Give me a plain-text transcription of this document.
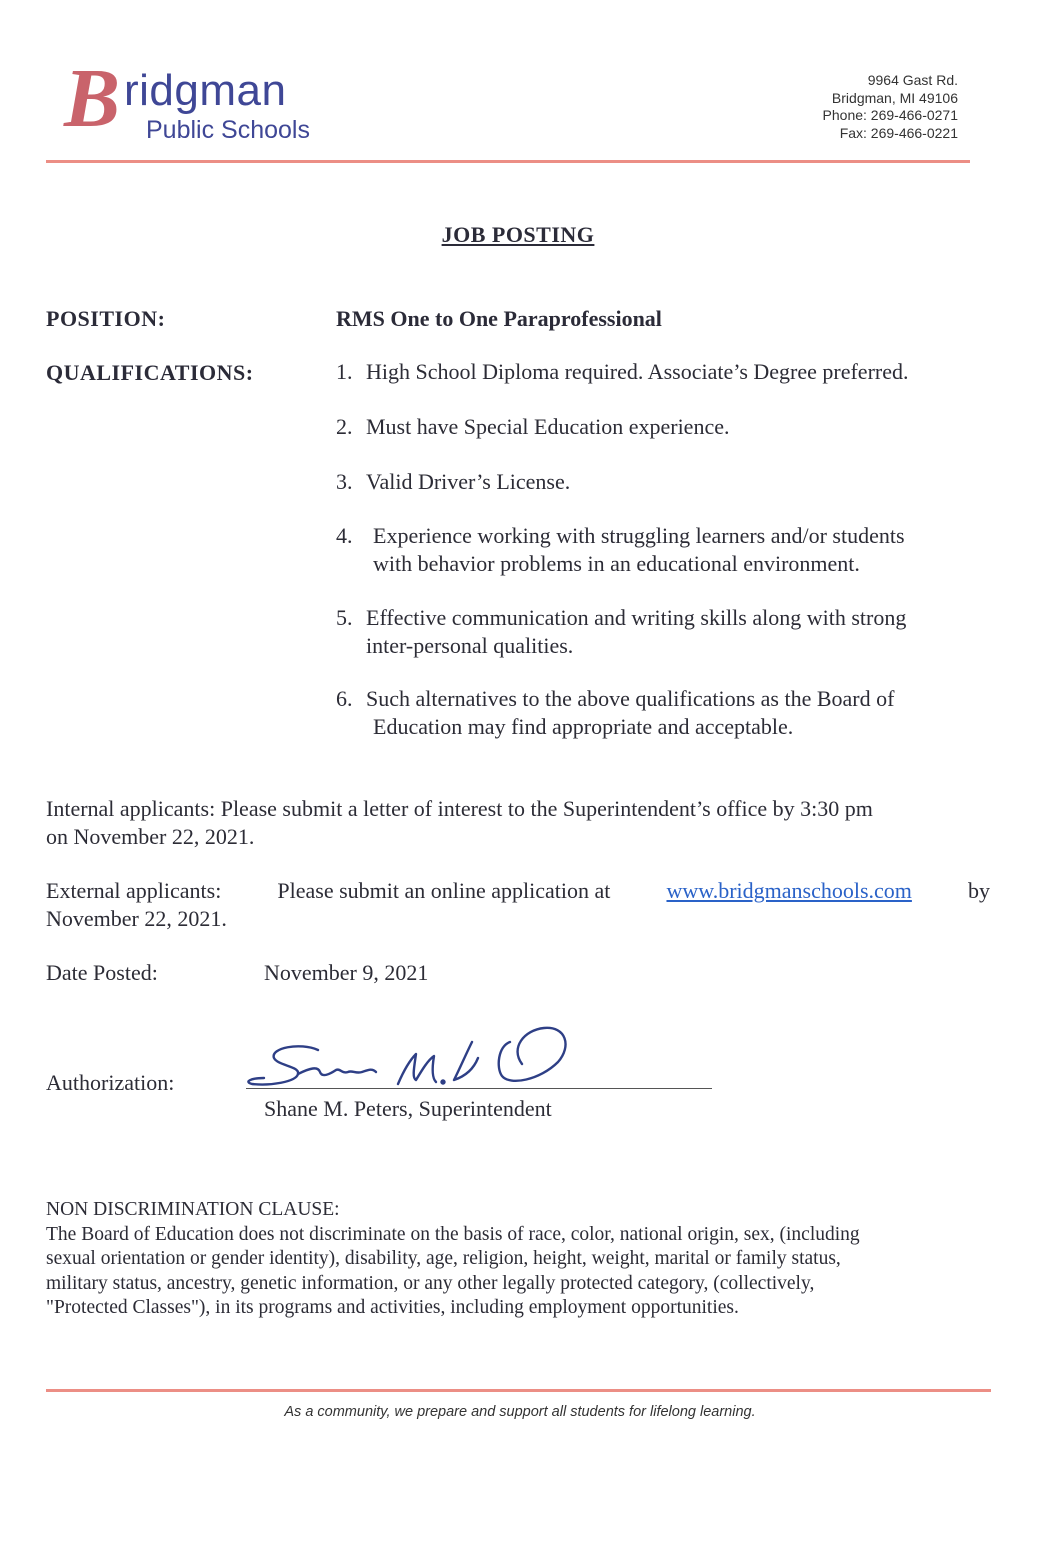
B ridgman
Public Schools
9964 Gast Rd.
Bridgman, MI 49106
Phone: 269-466-0271
Fax: 269-466-0221
JOB POSTING
POSITION:	RMS One to One Paraprofessional
QUALIFICATIONS:	1. High School Diploma required. Associate’s Degree preferred.
2. Must have Special Education experience.
3. Valid Driver’s License.
4. Experience working with struggling learners and/or students
with behavior problems in an educational environment.
5. Effective communication and writing skills along with strong
inter-personal qualities.
6. Such alternatives to the above qualifications as the Board of
Education may find appropriate and acceptable.
Internal applicants: Please submit a letter of interest to the Superintendent’s office by 3:30 pm
on November 22, 2021.
External applicants:	Please submit an online application at	www.bridgmanschools.com	by
November 22, 2021.
Date Posted:	November 9, 2021
Authorization:
Shane M. Peters, Superintendent
NON DISCRIMINATION CLAUSE:
The Board of Education does not discriminate on the basis of race, color, national origin, sex, (including
sexual orientation or gender identity), disability, age, religion, height, weight, marital or family status,
military status, ancestry, genetic information, or any other legally protected category, (collectively,
"Protected Classes"), in its programs and activities, including employment opportunities.
As a community, we prepare and support all students for lifelong learning.
